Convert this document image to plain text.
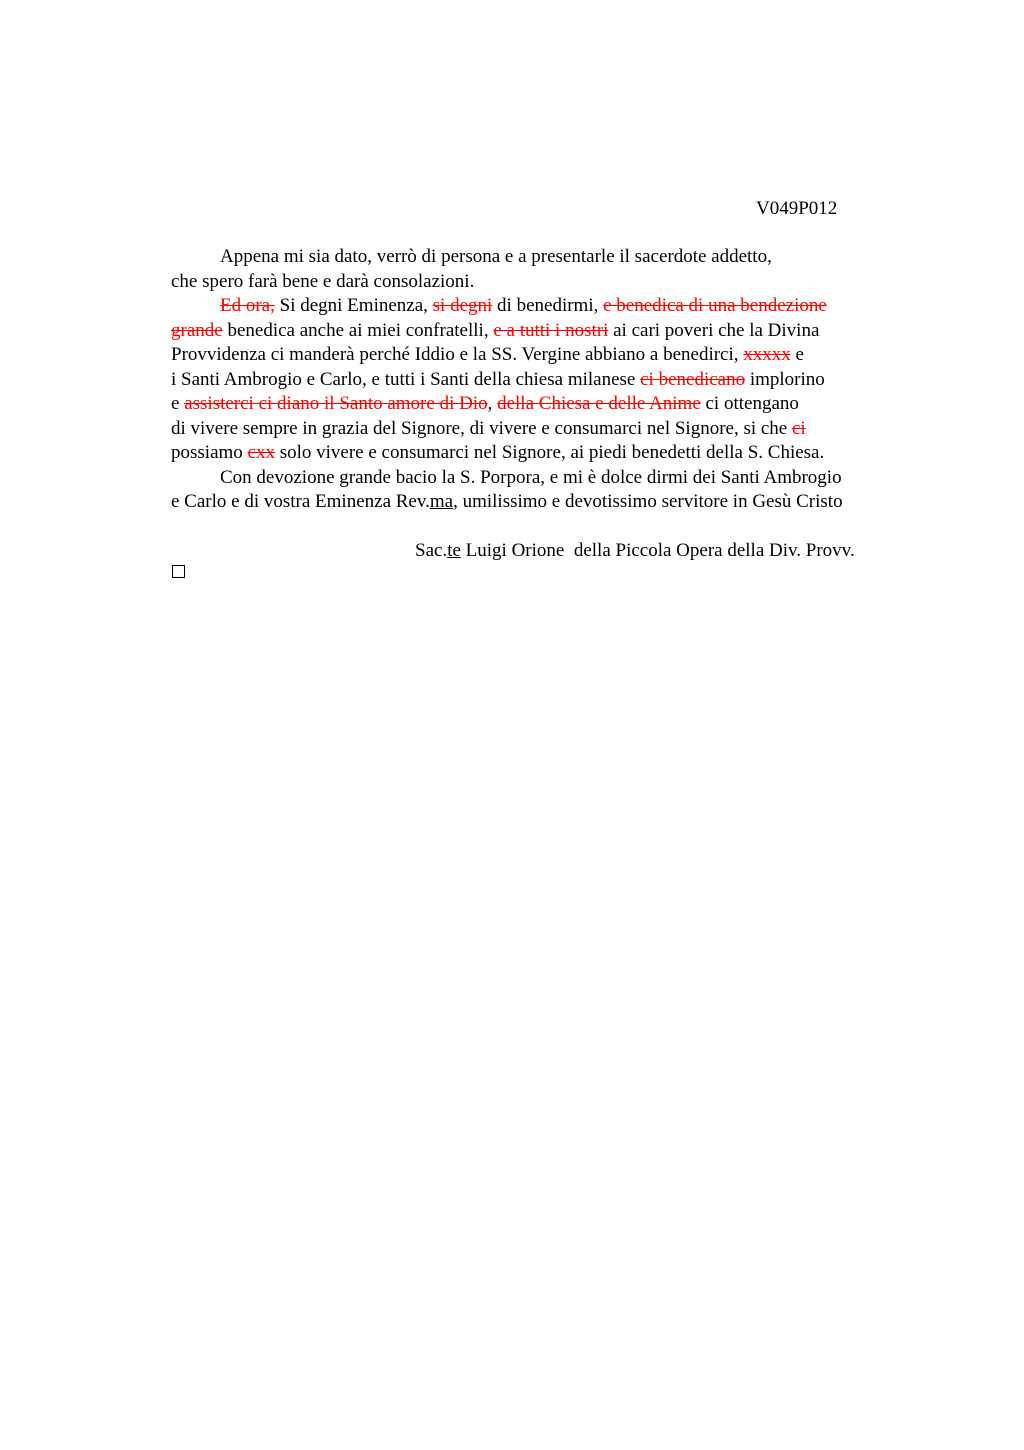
V049P012
Appena mi sia dato, verrò di persona e a presentarle il sacerdote addetto,
che spero farà bene e darà consolazioni.
Ed ora, Si degni Eminenza, si degni di benedirmi, e benedica di una bendezione
grande benedica anche ai miei confratelli, e a tutti i nostri ai cari poveri che la Divina
Provvidenza ci manderà perché Iddio e la SS. Vergine abbiano a benedirci, xxxxx e
i Santi Ambrogio e Carlo, e tutti i Santi della chiesa milanese ci benedicano implorino
e assisterci ci diano il Santo amore di Dio, della Chiesa e delle Anime ci ottengano
di vivere sempre in grazia del Signore, di vivere e consumarci nel Signore, si che ci
possiamo cxx solo vivere e consumarci nel Signore, ai piedi benedetti della S. Chiesa.
Con devozione grande bacio la S. Porpora, e mi è dolce dirmi dei Santi Ambrogio
e Carlo e di vostra Eminenza Rev.ma, umilissimo e devotissimo servitore in Gesù Cristo
Sac.te Luigi Orione  della Piccola Opera della Div. Provv.
